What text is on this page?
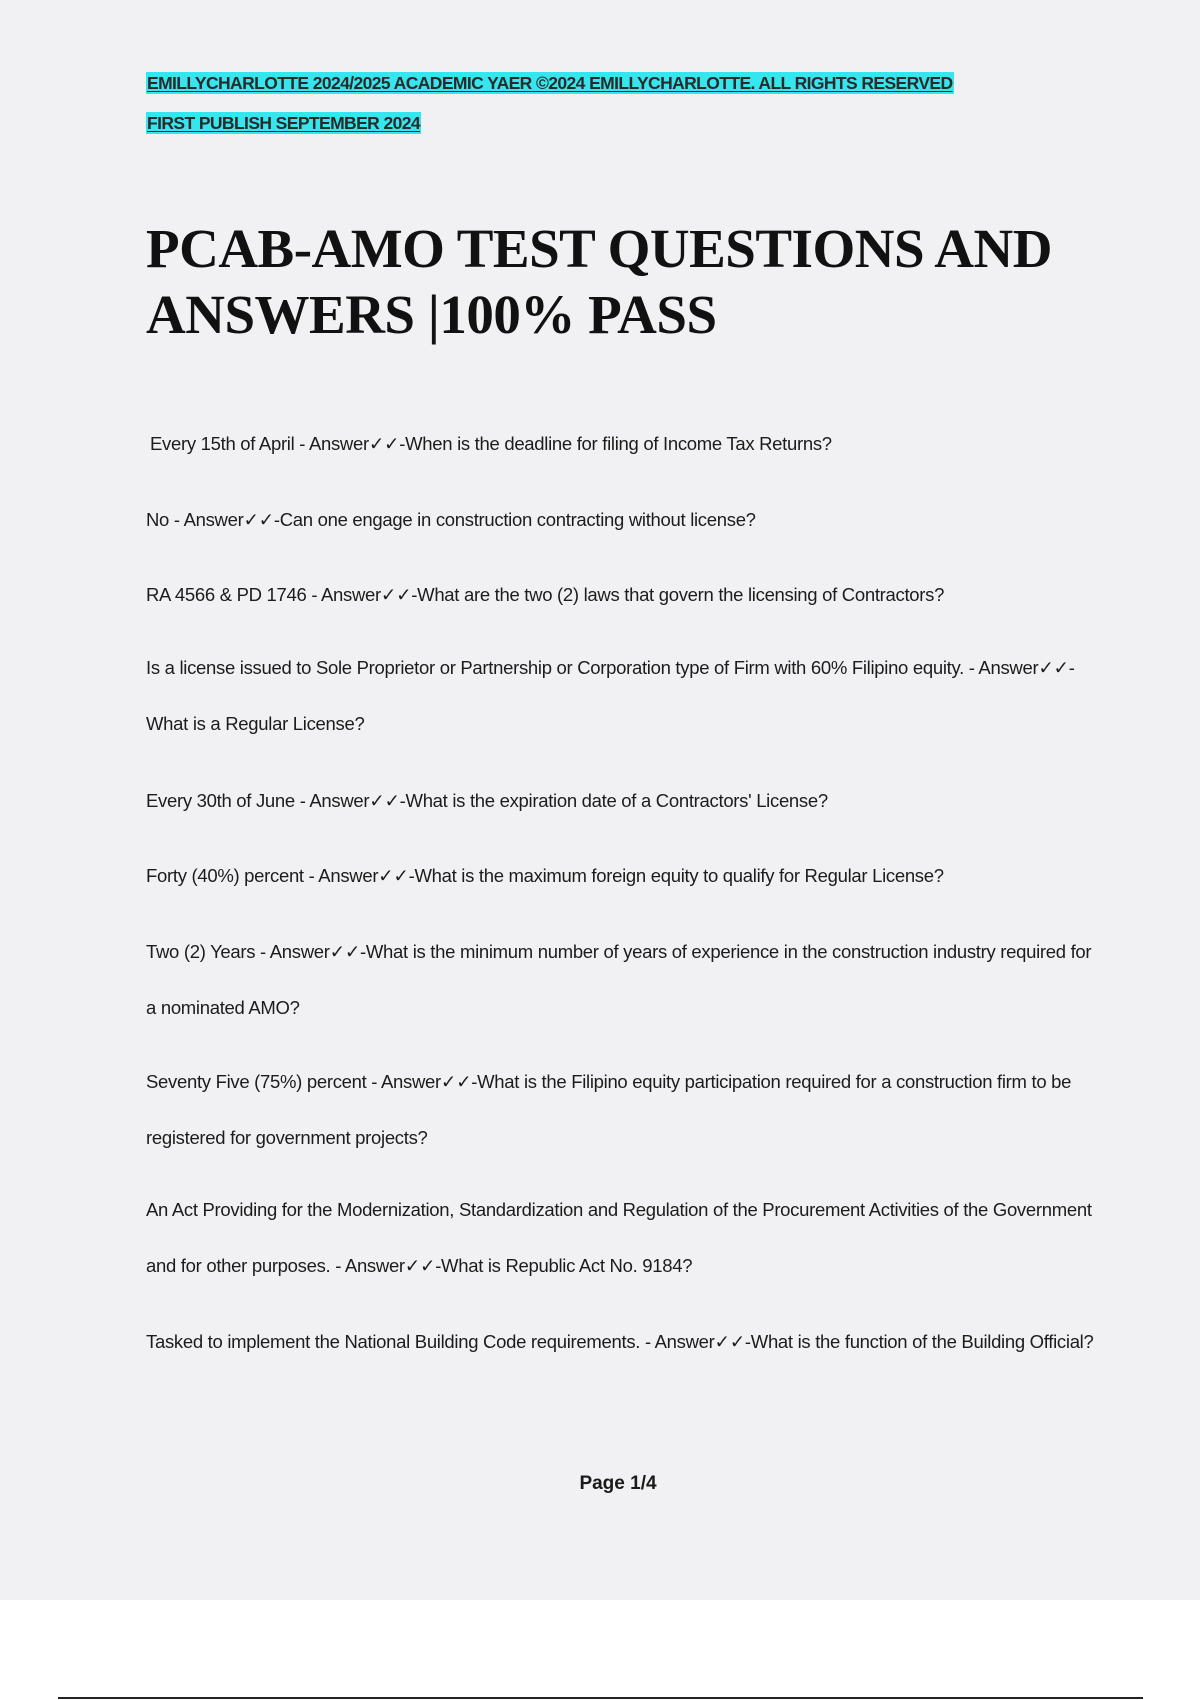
EMILLYCHARLOTTE 2024/2025 ACADEMIC YAER ©2024 EMILLYCHARLOTTE. ALL RIGHTS RESERVED
FIRST PUBLISH SEPTEMBER 2024
PCAB-AMO TEST QUESTIONS AND ANSWERS |100% PASS
Every 15th of April - Answer✓✓-When is the deadline for filing of Income Tax Returns?
No - Answer✓✓-Can one engage in construction contracting without license?
RA 4566 & PD 1746 - Answer✓✓-What are the two (2) laws that govern the licensing of Contractors?
Is a license issued to Sole Proprietor or Partnership or Corporation type of Firm with 60% Filipino equity. - Answer✓✓-What is a Regular License?
Every 30th of June - Answer✓✓-What is the expiration date of a Contractors' License?
Forty (40%) percent - Answer✓✓-What is the maximum foreign equity to qualify for Regular License?
Two (2) Years - Answer✓✓-What is the minimum number of years of experience in the construction industry required for a nominated AMO?
Seventy Five (75%) percent - Answer✓✓-What is the Filipino equity participation required for a construction firm to be registered for government projects?
An Act Providing for the Modernization, Standardization and Regulation of the Procurement Activities of the Government and for other purposes. - Answer✓✓-What is Republic Act No. 9184?
Tasked to implement the National Building Code requirements. - Answer✓✓-What is the function of the Building Official?
Page 1/4
